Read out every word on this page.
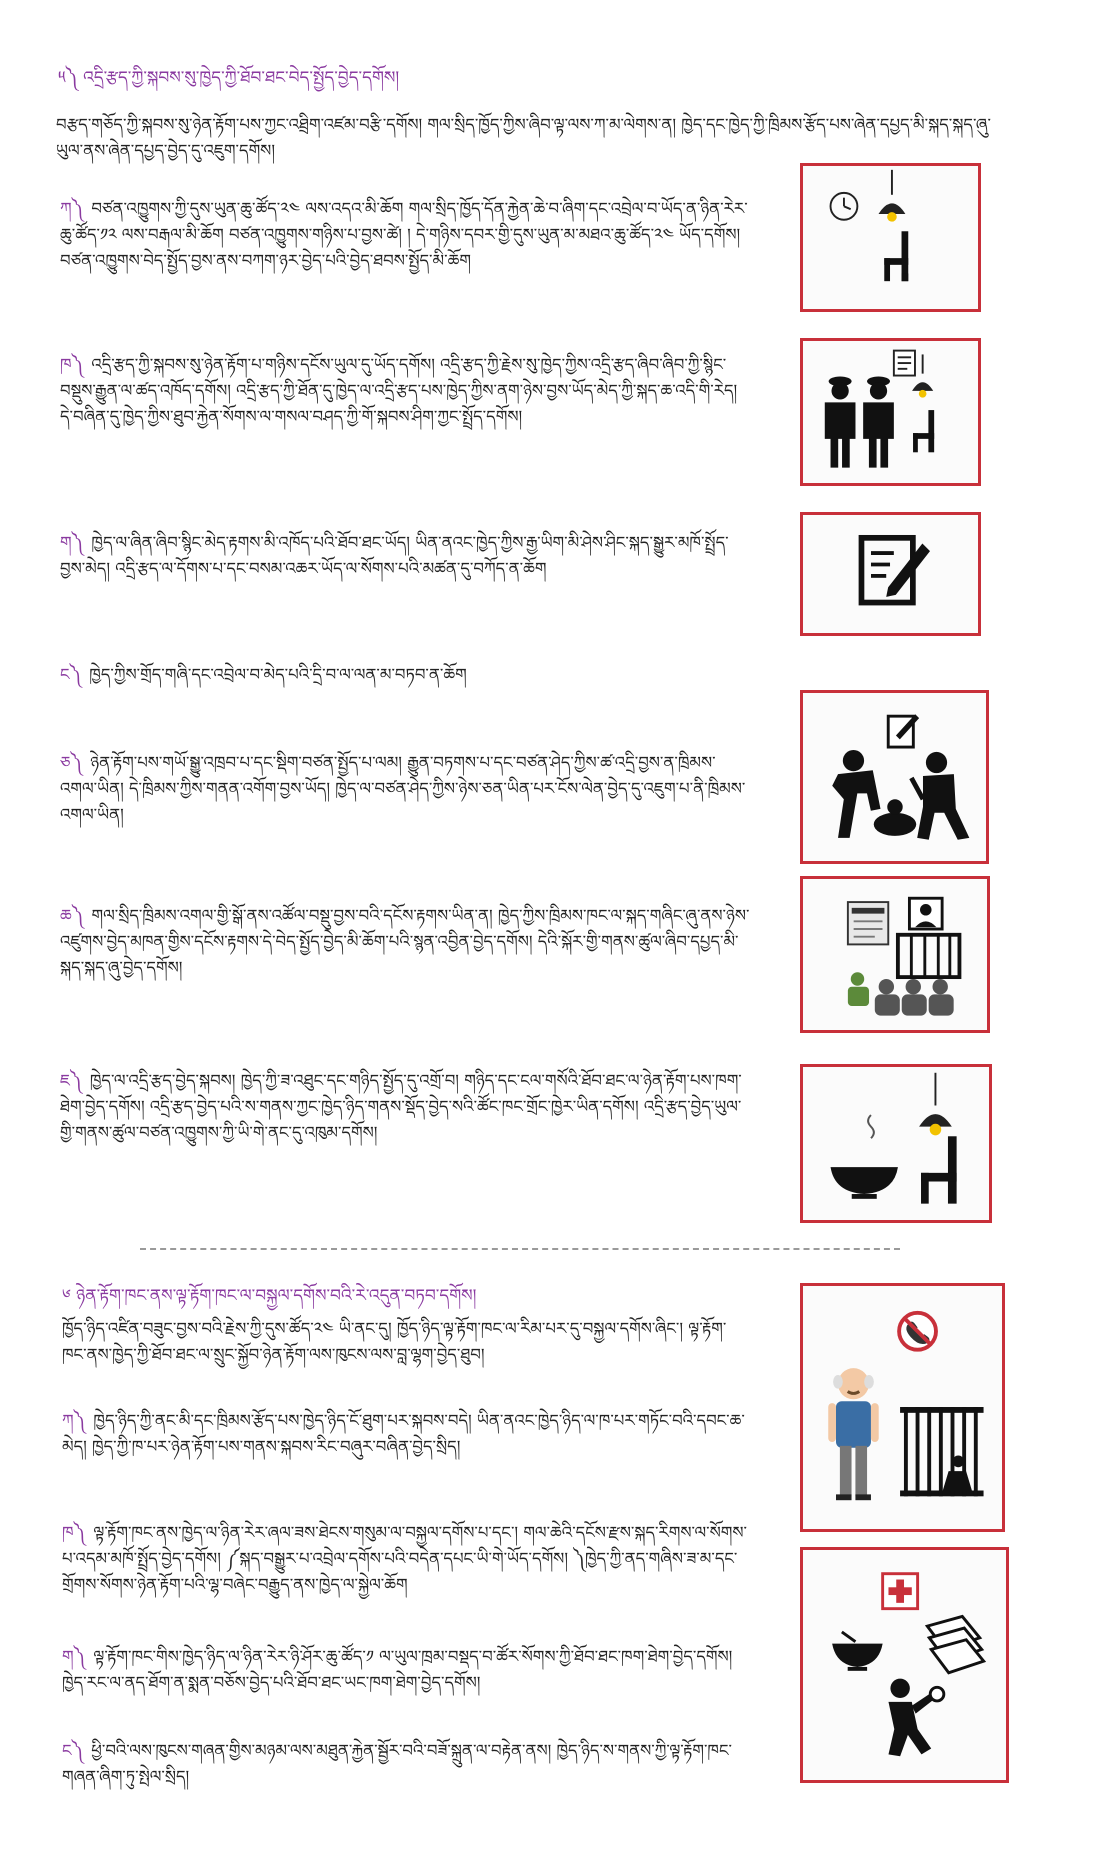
༥༽ འདྲི་རྩད་ཀྱི་སྐབས་སུ་ཁྱེད་ཀྱི་ཐོབ་ཐང་བེད་སྤྱོད་བྱེད་དགོས།
བརྩད་གཅོད་ཀྱི་སྐབས་སུ་ཉེན་རྟོག་པས་ཀྱང་འཐྲིག་འཛམ་བརྩི་དགོས། གལ་སྲིད་ཁྱོད་ཀྱིས་ཞིབ་ལྟ་ལས་ཀ་མ་ལེགས་ན། ཁྱེད་དང་ཁྱེད་ཀྱི་ཁྲིམས་རྩོད་པས་ཞེན་དཔྱད་མི་སྐད་སྐད་ཞུ་ཡུལ་ནས་ཞེན་དཔྱད་བྱེད་དུ་འཇུག་དགོས།
ཀ༽ བཙན་འཁྱུགས་ཀྱི་དུས་ཡུན་ཆུ་ཚོད་༢༤ ལས་འདའ་མི་ཆོག གལ་སྲིད་ཁྱོད་དོན་རྐྱེན་ཆེ་བ་ཞིག་དང་འབྲེལ་བ་ཡོད་ན་ཉིན་རེར་ཆུ་ཚོད་༡༢ ལས་བརྒལ་མི་ཆོག བཙན་འཁྱུགས་གཉིས་པ་བྱས་ཚེ། ། དེ་གཉིས་དབར་གྱི་དུས་ཡུན་མ་མཐའ་ཆུ་ཚོད་༢༤ ཡོད་དགོས། བཙན་འཁྱུགས་བེད་སྤྱོད་བྱས་ནས་བཀག་ཉར་བྱེད་པའི་བྱེད་ཐབས་སྤྱོད་མི་ཆོག
ཁ༽ འདྲི་རྩད་ཀྱི་སྐབས་སུ་ཉེན་རྟོག་པ་གཉིས་དངོས་ཡུལ་དུ་ཡོད་དགོས། འདྲི་རྩད་ཀྱི་རྗེས་སུ་ཁྱེད་ཀྱིས་འདྲི་རྩད་ཞིབ་ཞིབ་ཀྱི་སྙིང་བསྡུས་རྒྱུན་ལ་ཚད་འཁོད་དགོས། འདྲི་རྩད་ཀྱི་ཐོན་དུ་ཁྱེད་ལ་འདྲི་རྩད་པས་ཁྱེད་ཀྱིས་ནག་ཉེས་བྱས་ཡོད་མེད་ཀྱི་སྐད་ཆ་འདི་གི་རེད། དེ་བཞིན་དུ་ཁྱེད་ཀྱིས་ཐུབ་རྐྱེན་སོགས་ལ་གསལ་བཤད་ཀྱི་གོ་སྐབས་ཤིག་ཀྱང་སྤྲོད་དགོས།
ག༽ ཁྱེད་ལ་ཞིན་ཞིབ་སྙིང་མེད་རྟགས་མི་འཁོད་པའི་ཐོབ་ཐང་ཡོད། ཡིན་ནའང་ཁྱེད་ཀྱིས་རྒྱ་ཡིག་མི་ཤེས་ཤིང་སྐད་སྒྱུར་མཁོ་སྤྲོད་བྱས་མེད། འདྲི་རྩད་ལ་དོགས་པ་དང་བསམ་འཆར་ཡོད་ལ་སོགས་པའི་མཚན་དུ་བཀོད་ན་ཆོག
ང༽ ཁྱེད་ཀྱིས་གྲོད་གཞི་དང་འབྲེལ་བ་མེད་པའི་དྲི་བ་ལ་ལན་མ་བཏབ་ན་ཆོག
ཅ༽ ཉེན་རྟོག་པས་གཡོ་སྒྱུ་འཁྲབ་པ་དང་སྡིག་བཙན་སྤྱོད་པ་ལམ། རྒྱུན་བཏགས་པ་དང་བཙན་ཤེད་ཀྱིས་ཚ་འདྲི་བྱས་ན་ཁྲིམས་འགལ་ཡིན། དེ་ཁྲིམས་ཀྱིས་གནན་འགོག་བྱས་ཡོད། ཁྱེད་ལ་བཙན་ཤེད་ཀྱིས་ཉེས་ཅན་ཡིན་པར་ངོས་ལེན་བྱེད་དུ་འཇུག་པ་ནི་ཁྲིམས་འགལ་ཡིན།
ཆ༽ གལ་སྲིད་ཁྲིམས་འགལ་གྱི་སྒོ་ནས་འཚོལ་བསྡུ་བྱས་བའི་དངོས་རྟགས་ཡིན་ན། ཁྱེད་ཀྱིས་ཁྲིམས་ཁང་ལ་སྐད་གཞིང་ཞུ་ནས་ཉེས་འཛུགས་བྱེད་མཁན་གྱིས་དངོས་རྟགས་དེ་བེད་སྤྱོད་བྱེད་མི་ཆོག་པའི་སྙན་འབྱིན་བྱེད་དགོས། དེའི་སྐོར་གྱི་གནས་ཚུལ་ཞིབ་དཔྱད་མི་སྐད་སྐད་ཞུ་བྱེད་དགོས།
ཇ༽ ཁྱེད་ལ་འདྲི་རྩད་བྱེད་སྐབས། ཁྱེད་ཀྱི་ཟ་འཐུང་དང་གཉིད་སྤྱོད་དུ་འགྲོ་བ། གཉིད་དང་ངལ་གསོའི་ཐོབ་ཐང་ལ་ཉེན་རྟོག་པས་ཁག་ཐེག་བྱེད་དགོས། འདྲི་རྩད་བྱེད་པའི་ས་གནས་ཀྱང་ཁྱེད་ཉིད་གནས་སྡོད་བྱེད་སའི་ཚོང་ཁང་གྲོང་ཁྱེར་ཡིན་དགོས། འདྲི་རྩད་བྱེད་ཡུལ་གྱི་གནས་ཚུལ་བཙན་འཁྱུགས་ཀྱི་ཡི་གེ་ནང་དུ་འཁུམ་དགོས།
༦ ཉེན་རྟོག་ཁང་ནས་ལྟ་རྟོག་ཁང་ལ་བསྐྱལ་དགོས་བའི་རེ་འདུན་བཏབ་དགོས།
ཁྱོད་ཉིད་འཛིན་བཟུང་བྱས་བའི་རྗེས་ཀྱི་དུས་ཚོད་༢༤ ཡི་ནང་དུ། ཁྱོད་ཉིད་ལྟ་རྟོག་ཁང་ལ་རིམ་པར་དུ་བསྐྱལ་དགོས་ཞིང་། ལྟ་རྟོག་ཁང་ནས་ཁྱེད་ཀྱི་ཐོབ་ཐང་ལ་སྲུང་སྐྱོབ་ཉེན་རྟོག་ལས་ཁུངས་ལས་བླ་ལྷག་བྱེད་ཐུབ།
ཀ༽ ཁྱེད་ཉིད་ཀྱི་ནང་མི་དང་ཁྲིམས་རྩོད་པས་ཁྱེད་ཉིད་ངོ་ཐུག་པར་སྐབས་བདེ། ཡིན་ནའང་ཁྱེད་ཉིད་ལ་ཁ་པར་གཏོང་བའི་དབང་ཆ་མེད། ཁྱེད་ཀྱི་ཁ་པར་ཉེན་རྟོག་པས་གནས་སྐབས་རིང་བཞུར་བཞིན་བྱེད་སྲིད།
ཁ༽ ལྟ་རྟོག་ཁང་ནས་ཁྱེད་ལ་ཉིན་རེར་ཞལ་ཟས་ཐེངས་གསུམ་ལ་བསྐྱལ་དགོས་པ་དང་། གལ་ཆེའི་དངོས་རྫས་སྐད་རིགས་ལ་སོགས་པ་འདམ་མཁོ་སྤྲོད་བྱེད་དགོས། ༼སྐད་བསྒྱུར་པ་འབྲེལ་དགོས་པའི་བདེན་དཔང་ཡི་གེ་ཡོད་དགོས། ༽ཁྱེད་ཀྱི་ནད་གཞིས་ཟ་མ་དང་གྲོགས་སོགས་ཉེན་རྟོག་པའི་ལྷ་བཞེང་བརྒྱུད་ནས་ཁྱེད་ལ་སྐྱེལ་ཆོག
ག༽ ལྟ་རྟོག་ཁང་གིས་ཁྱེད་ཉིད་ལ་ཉིན་རེར་ཉི་ཤོར་ཆུ་ཚོད་༡ ལ་ཡུལ་ཁྲམ་བསྡད་བ་ཚོར་སོགས་ཀྱི་ཐོབ་ཐང་ཁག་ཐེག་བྱེད་དགོས། ཁྱེད་རང་ལ་ནད་ཐོག་ན་སྨན་བཅོས་བྱེད་པའི་ཐོབ་ཐང་ཡང་ཁག་ཐེག་བྱེད་དགོས།
ང༽ ཕྱི་བའི་ལས་ཁུངས་གཞན་གྱིས་མཉམ་ལས་མཐུན་རྐྱེན་སྦྱོར་བའི་བཟོ་སྐྲུན་ལ་བརྟེན་ནས། ཁྱེད་ཉིད་ས་གནས་ཀྱི་ལྟ་རྟོག་ཁང་གཞན་ཞིག་ཏུ་སྤེལ་སྲིད།
